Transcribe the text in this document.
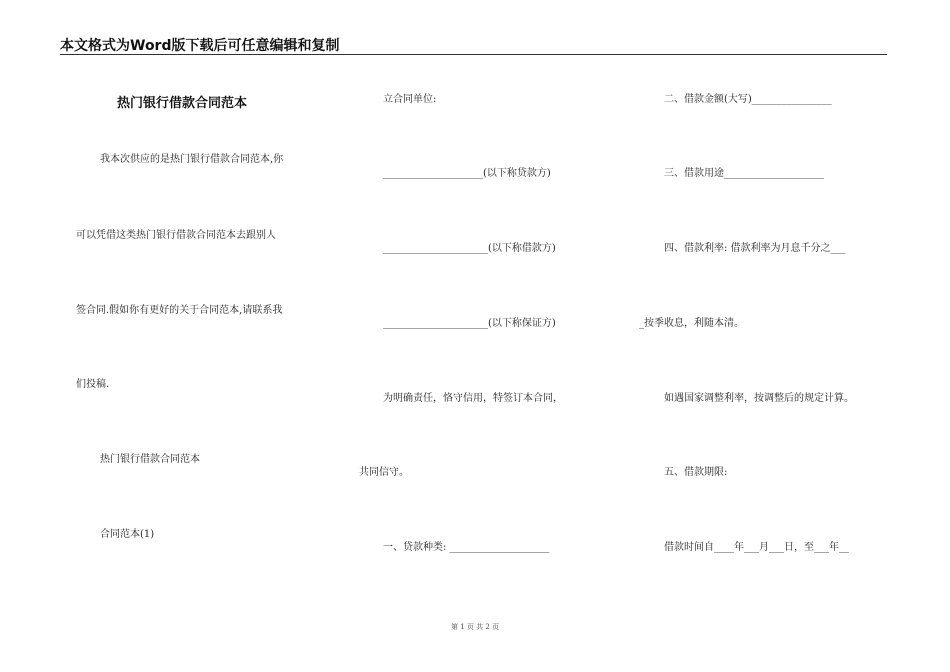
本文格式为Word版下载后可任意编辑和复制
热门银行借款合同范本
我本次供应的是热门银行借款合同范本,你
可以凭借这类热门银行借款合同范本去跟别人
签合同.假如你有更好的关于合同范本,请联系我
们投稿.
热门银行借款合同范本
合同范本(1)
立合同单位:
____________________(以下称贷款方)
_____________________(以下称借款方)
_____________________(以下称保证方)
为明确责任，恪守信用，特签订本合同，
共同信守。
一、贷款种类: ____________________
二、借款金额(大写)________________
三、借款用途____________________
四、借款利率: 借款利率为月息千分之___
_按季收息，利随本清。
如遇国家调整利率，按调整后的规定计算。
五、借款期限:
借款时间自____年___月___日，至___年__
第 1 页 共 2 页
